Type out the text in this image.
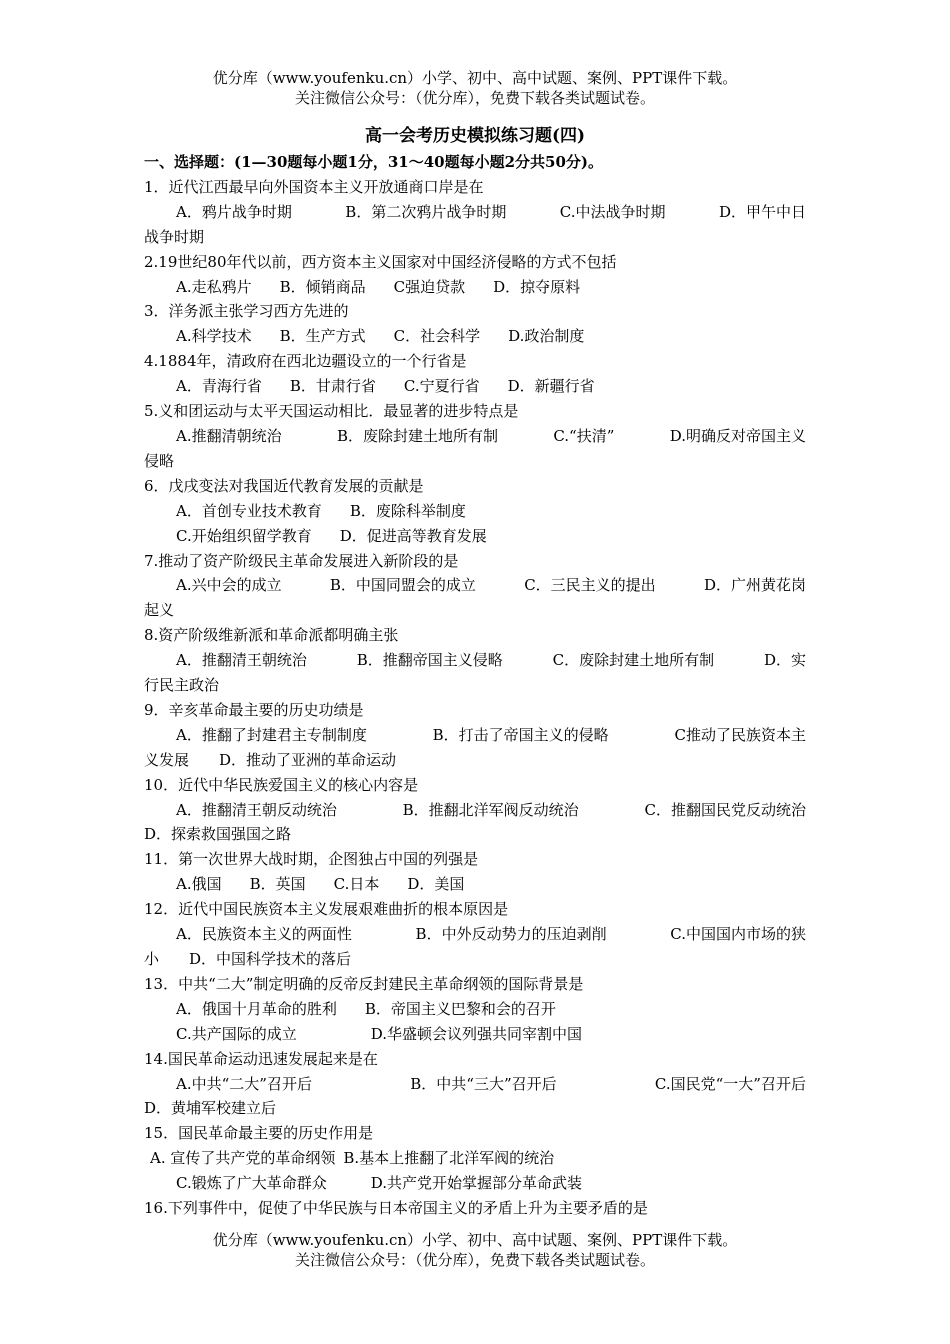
优分库（www.youfenku.cn）小学、初中、高中试题、案例、PPT课件下载。
关注微信公众号：（优分库），免费下载各类试题试卷。
高一会考历史模拟练习题(四)
一、选择题：(1—30题每小题1分，31～40题每小题2分共50分)。
1．近代江西最早向外国资本主义开放通商口岸是在
A．鸦片战争时期	B．第二次鸦片战争时期	C.中法战争时期	D．甲午中日
战争时期
2.19世纪80年代以前，西方资本主义国家对中国经济侵略的方式不包括
A.走私鸦片 B．倾销商品 C强迫贷款 D．掠夺原料
3．洋务派主张学习西方先进的
A.科学技术 B．生产方式 C．社会科学 D.政治制度
4.1884年，清政府在西北边疆设立的一个行省是
A．青海行省 B．甘肃行省 C.宁夏行省 D．新疆行省
5.义和团运动与太平天国运动相比．最显著的进步特点是
A.推翻清朝统治	B．废除封建土地所有制	C.“扶清”	D.明确反对帝国主义
侵略
6．戊戌变法对我国近代教育发展的贡献是
A．首创专业技术教育 B．废除科举制度
C.开始组织留学教育 D．促进高等教育发展
7.推动了资产阶级民主革命发展进入新阶段的是
A.兴中会的成立	B．中国同盟会的成立	C．三民主义的提出	D．广州黄花岗
起义
8.资产阶级维新派和革命派都明确主张
A．推翻清王朝统治	B．推翻帝国主义侵略	C．废除封建土地所有制	D．实
行民主政治
9．辛亥革命最主要的历史功绩是
A．推翻了封建君主专制制度	B．打击了帝国主义的侵略	C推动了民族资本主
义发展　　D．推动了亚洲的革命运动
10．近代中华民族爱国主义的核心内容是
A．推翻清王朝反动统治	B．推翻北洋军阀反动统治	C．推翻国民党反动统治
D．探索救国强国之路
11．第一次世界大战时期，企图独占中国的列强是
A.俄国 B．英国 C.日本 D．美国
12．近代中国民族资本主义发展艰难曲折的根本原因是
A．民族资本主义的两面性	B．中外反动势力的压迫剥削	C.中国国内市场的狭
小　　D．中国科学技术的落后
13．中共“二大”制定明确的反帝反封建民主革命纲领的国际背景是
A．俄国十月革命的胜利 B．帝国主义巴黎和会的召开
C.共产国际的成立	D.华盛顿会议列强共同宰割中国
14.国民革命运动迅速发展起来是在
A.中共“二大”召开后	B．中共“三大”召开后	C.国民党“一大”召开后
D．黄埔军校建立后
15．国民革命最主要的历史作用是
A. 宣传了共产党的革命纲领 B.基本上推翻了北洋军阀的统治
C.锻炼了广大革命群众	D.共产党开始掌握部分革命武装
16.下列事件中，促使了中华民族与日本帝国主义的矛盾上升为主要矛盾的是
优分库（www.youfenku.cn）小学、初中、高中试题、案例、PPT课件下载。
关注微信公众号：（优分库），免费下载各类试题试卷。
